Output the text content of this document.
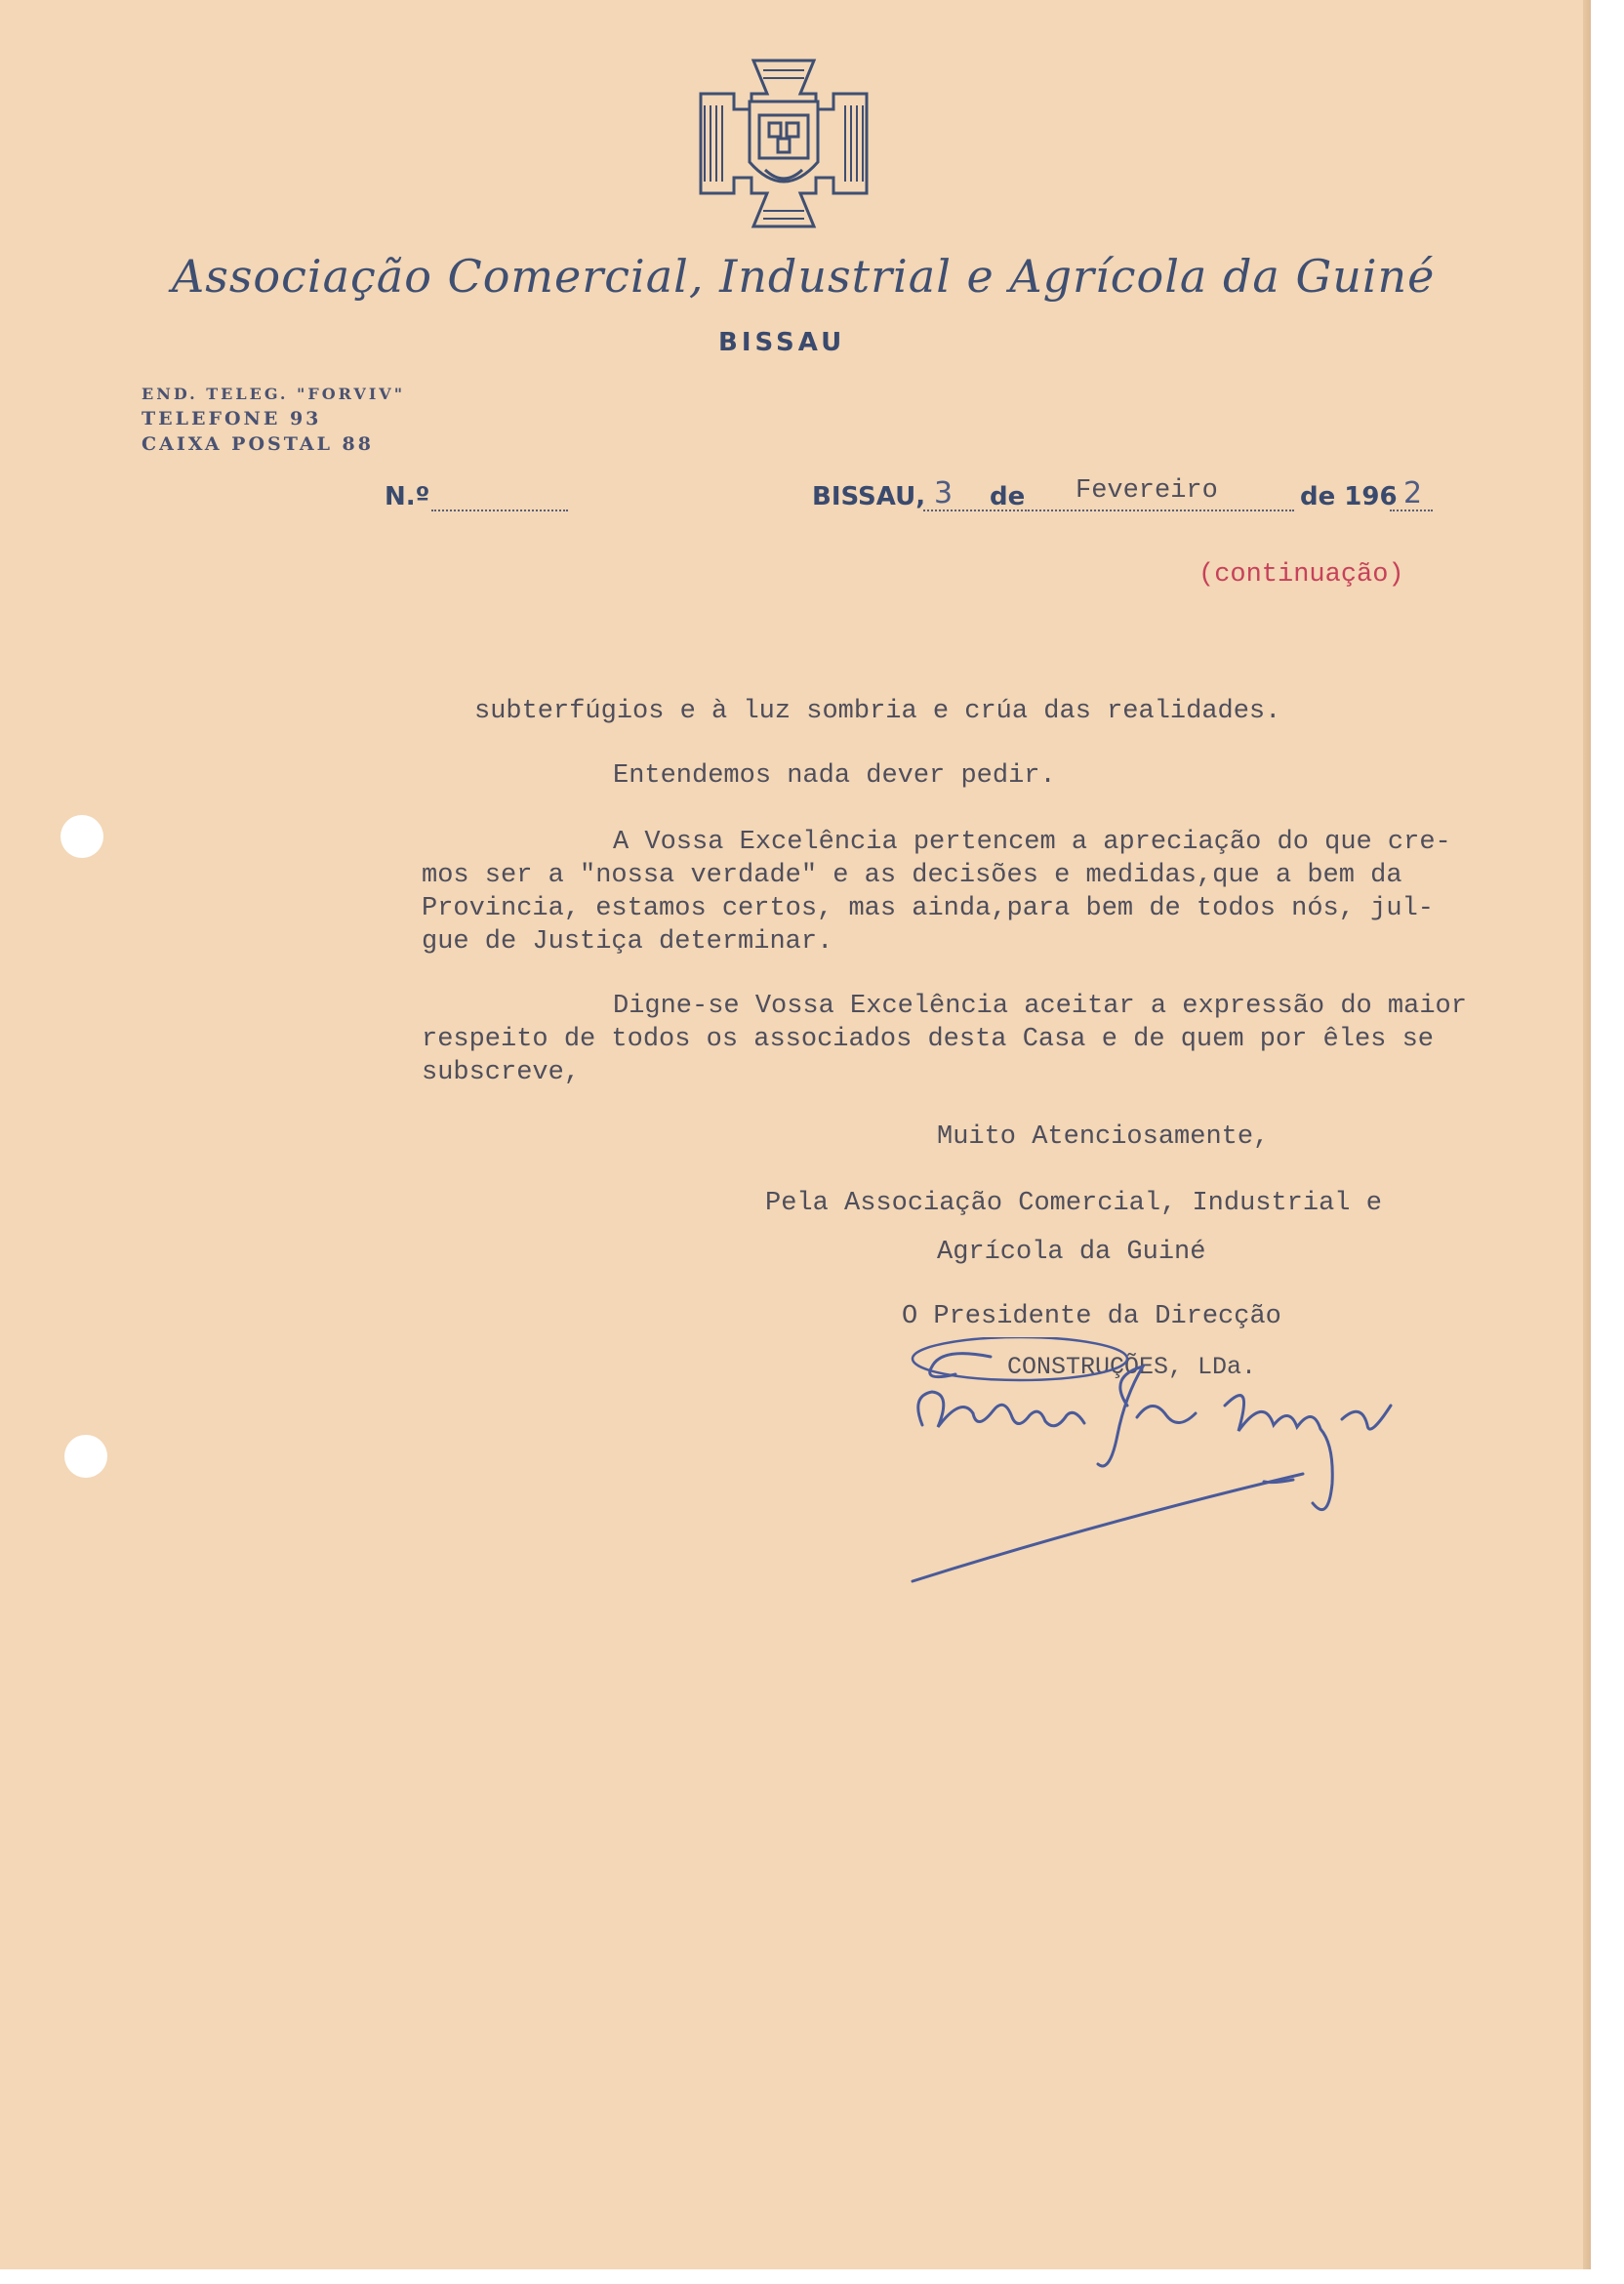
Associação Comercial, Industrial e Agrícola da Guiné
BISSAU
END. TELEG. "FORVIV"
TELEFONE 93
CAIXA POSTAL 88
N.º	BISSAU, 3 de Fevereiro	de 196 2
(continuação)
subterfúgios e à luz sombria e crúa das realidades.
Entendemos nada dever pedir.
A Vossa Excelência pertencem a apreciação do que cre-
mos ser a "nossa verdade" e as decisões e medidas,que a bem da
Provincia, estamos certos, mas ainda,para bem de todos nós, jul-
gue de Justiça determinar.
Digne-se Vossa Excelência aceitar a expressão do maior
respeito de todos os associados desta Casa e de quem por êles se
subscreve,
Muito Atenciosamente,
Pela Associação Comercial, Industrial e
Agrícola da Guiné
O Presidente da Direcção
CONSTRUÇÕES, LDa.
